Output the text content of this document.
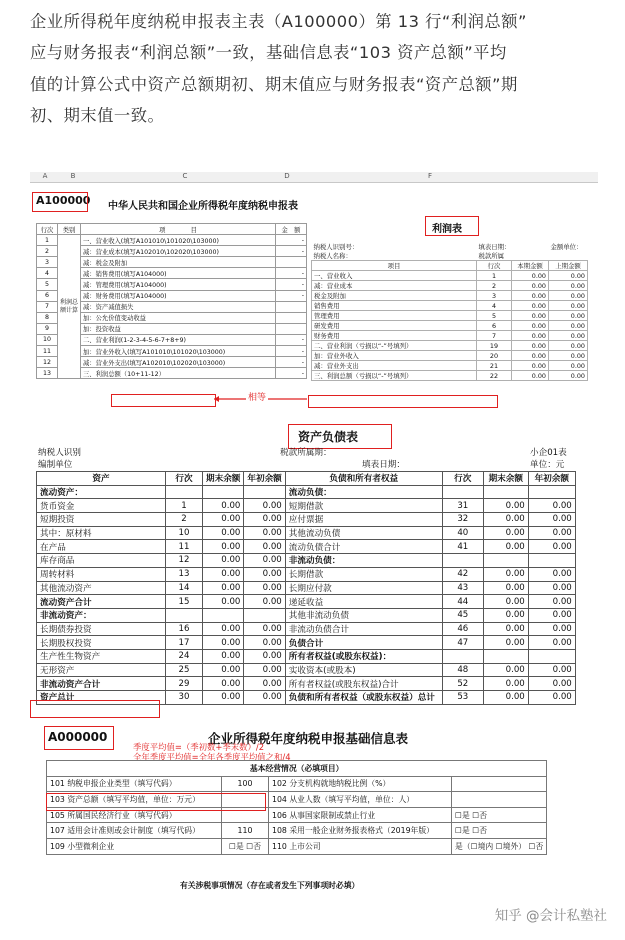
企业所得税年度纳税申报表主表（A100000）第 13 行“利润总额”

应与财务报表“利润总额”一致，基础信息表“103 资产总额”平均

值的计算公式中资产总额期初、期末值应与财务报表“资产总额”期

初、期末值一致。

A	B	C	D
A100000 中华人民共和国企业所得税年度纳税申报表
行次	类别	项　　　　目	金　额
1	利润总额计算	一、营业收入(填写A101010\101020\103000)	-
2		减：营业成本(填写A102010\102020\103000)	-
3		减：税金及附加	
4		减：销售费用(填写A104000)	-
5		减：管理费用(填写A104000)	-
6		减：财务费用(填写A104000)	-
7		减：资产减值损失	
8		加：公允价值变动收益	
9		加：投资收益	
10		二、营业利润(1-2-3-4-5-6-7+8+9)	-
11		加：营业外收入(填写A101010\101020\103000)	-
12		减：营业外支出(填写A102010\102020\103000)	-
13		三、利润总额（10+11-12）	-
相等
F
利润表
纳税人识别号：	填表日期：		金额单位：
纳税人名称：	税款所属		
项目	行次	本期金额	上期金额
一、营业收入	1	0.00	0.00
减：营业成本	2	0.00	0.00
税金及附加	3	0.00	0.00
销售费用	4	0.00	0.00
管理费用	5	0.00	0.00
研发费用	6	0.00	0.00
财务费用	7	0.00	0.00
二、营业利润（亏损以“-”号填列）	19	0.00	0.00
加：营业外收入	20	0.00	0.00
减：营业外支出	21	0.00	0.00
三、利润总额（亏损以“-”号填列）	22	0.00	0.00
资产负债表
纳税人识别	税款所属期：	小企01表
编制单位	填表日期：	单位：元
资产	行次	期末余额	年初余额	负债和所有者权益	行次	期末余额	年初余额
流动资产：				流动负债：			
货币资金	1	0.00	0.00	短期借款	31	0.00	0.00
短期投资	2	0.00	0.00	应付票据	32	0.00	0.00
其中：原材料	10	0.00	0.00	其他流动负债	40	0.00	0.00
在产品	11	0.00	0.00	流动负债合计	41	0.00	0.00
库存商品	12	0.00	0.00	非流动负债：			
周转材料	13	0.00	0.00	长期借款	42	0.00	0.00
其他流动资产	14	0.00	0.00	长期应付款	43	0.00	0.00
流动资产合计	15	0.00	0.00	递延收益	44	0.00	0.00
非流动资产：				其他非流动负债	45	0.00	0.00
长期债券投资	16	0.00	0.00	非流动负债合计	46	0.00	0.00
长期股权投资	17	0.00	0.00	负债合计	47	0.00	0.00
生产性生物资产	24	0.00	0.00	所有者权益(或股东权益)：			
无形资产	25	0.00	0.00	实收资本(或股本)	48	0.00	0.00
非流动资产合计	29	0.00	0.00	所有者权益(或股东权益)合计	52	0.00	0.00
资产总计	30	0.00	0.00	负债和所有者权益（或股东权益）总计	53	0.00	0.00
A000000	企业所得税年度纳税申报基础信息表
季度平均值=（季初数+季末数）/2
全年季度平均值=全年各季度平均值之和/4
基本经营情况（必填项目）			
101 纳税申报企业类型（填写代码）	100	102 分支机构就地纳税比例（%）	
103 资产总额（填写平均值，单位：万元）		104 从业人数（填写平均值，单位：人）	
105 所属国民经济行业（填写代码）		106 从事国家限制或禁止行业	☐是 ☐否
107 适用会计准则或会计制度（填写代码）	110	108 采用一般企业财务报表格式（2019年版）	☐是 ☐否
109 小型微利企业	☐是 ☐否	110 上市公司	是（☐境内 ☐境外） ☐否
有关涉税事项情况（存在或者发生下列事项时必填）
知乎 @会计私塾社
